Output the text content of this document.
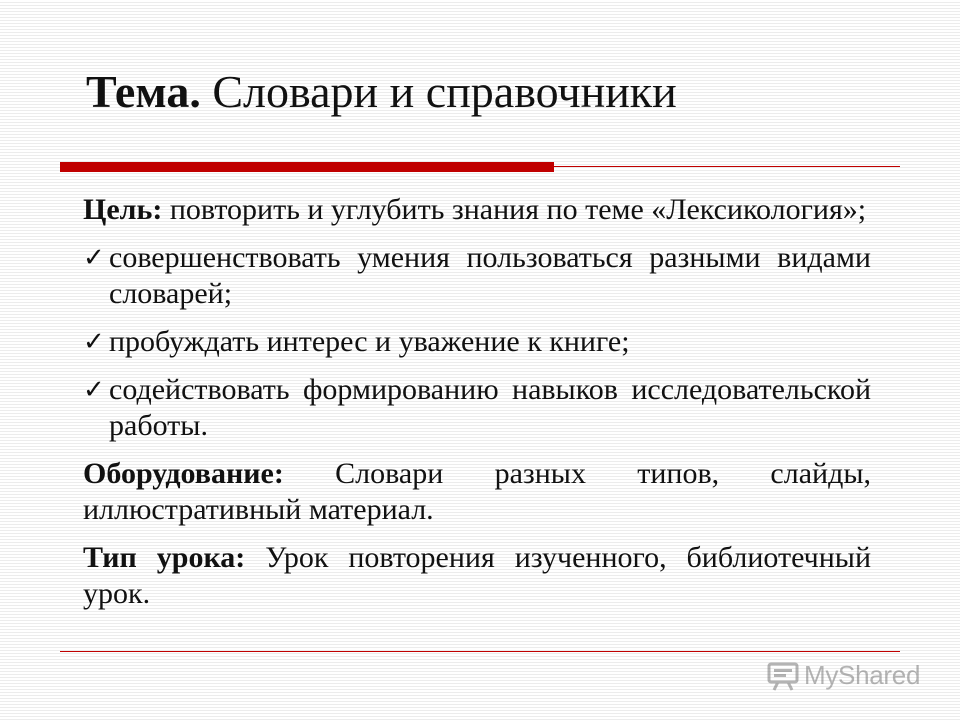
Тема. Словари и справочники

Цель: повторить и углубить знания по теме «Лексикология»;

✓ совершенствовать умения пользоваться разными видами словарей;

✓ пробуждать интерес и уважение к книге;

✓ содействовать формированию навыков исследовательской работы.

Оборудование: Словари разных типов, слайды, иллюстративный материал.

Тип урока: Урок повторения изученного, библиотечный урок.

MyShared
